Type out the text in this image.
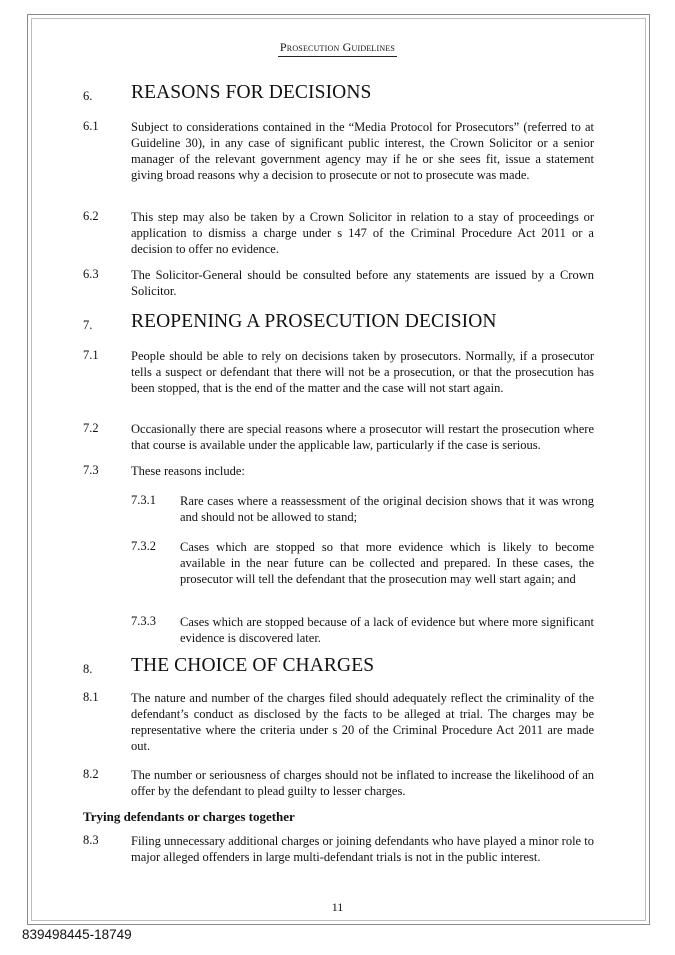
Prosecution Guidelines
6. REASONS FOR DECISIONS
6.1	Subject to considerations contained in the “Media Protocol for Prosecutors” (referred to at Guideline 30), in any case of significant public interest, the Crown Solicitor or a senior manager of the relevant government agency may if he or she sees fit, issue a statement giving broad reasons why a decision to prosecute or not to prosecute was made.
6.2	This step may also be taken by a Crown Solicitor in relation to a stay of proceedings or application to dismiss a charge under s 147 of the Criminal Procedure Act 2011 or a decision to offer no evidence.
6.3	The Solicitor-General should be consulted before any statements are issued by a Crown Solicitor.
7. REOPENING A PROSECUTION DECISION
7.1	People should be able to rely on decisions taken by prosecutors. Normally, if a prosecutor tells a suspect or defendant that there will not be a prosecution, or that the prosecution has been stopped, that is the end of the matter and the case will not start again.
7.2	Occasionally there are special reasons where a prosecutor will restart the prosecution where that course is available under the applicable law, particularly if the case is serious.
7.3	These reasons include:
7.3.1 Rare cases where a reassessment of the original decision shows that it was wrong and should not be allowed to stand;
7.3.2 Cases which are stopped so that more evidence which is likely to become available in the near future can be collected and prepared. In these cases, the prosecutor will tell the defendant that the prosecution may well start again; and
7.3.3 Cases which are stopped because of a lack of evidence but where more significant evidence is discovered later.
8. THE CHOICE OF CHARGES
8.1	The nature and number of the charges filed should adequately reflect the criminality of the defendant’s conduct as disclosed by the facts to be alleged at trial. The charges may be representative where the criteria under s 20 of the Criminal Procedure Act 2011 are made out.
8.2	The number or seriousness of charges should not be inflated to increase the likelihood of an offer by the defendant to plead guilty to lesser charges.
Trying defendants or charges together
8.3	Filing unnecessary additional charges or joining defendants who have played a minor role to major alleged offenders in large multi-defendant trials is not in the public interest.
11
839498445-18749
